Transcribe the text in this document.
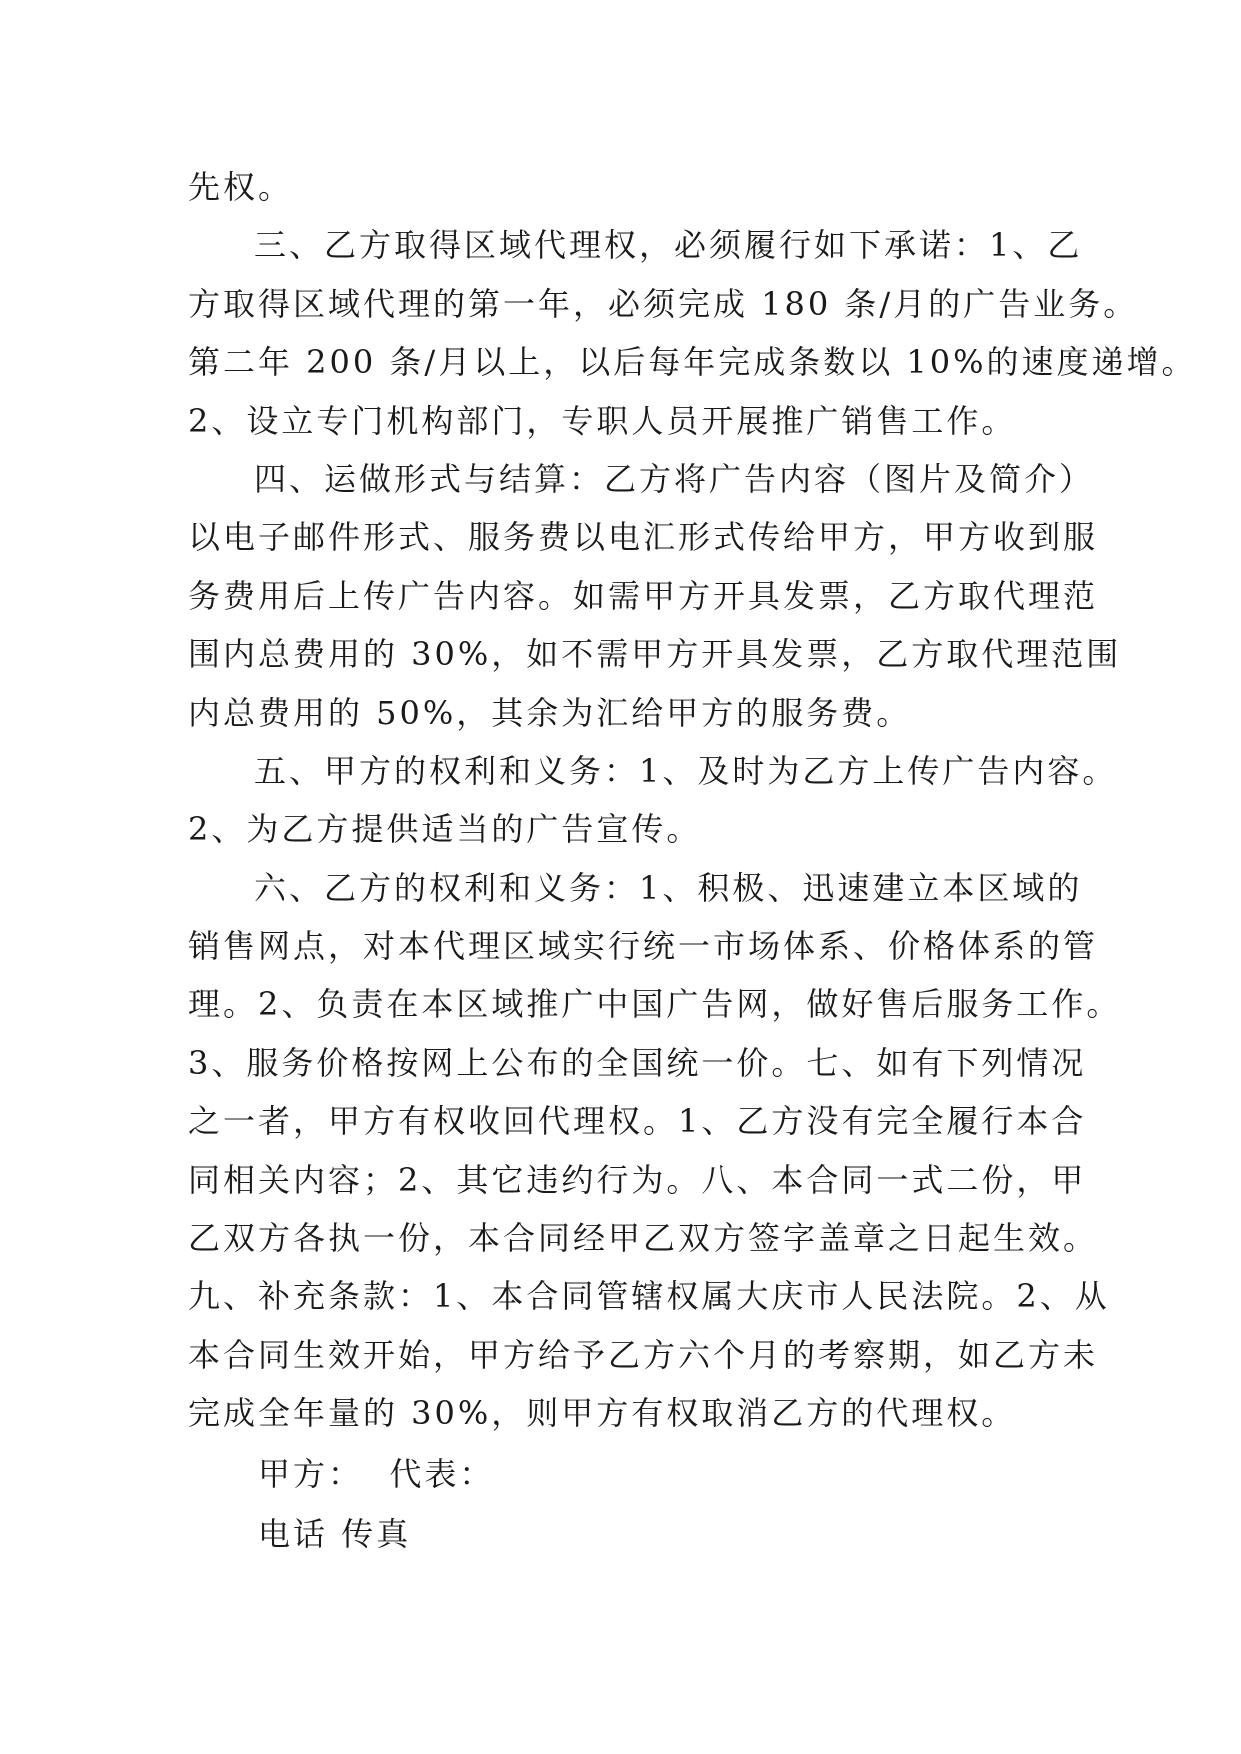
先权。
三、乙方取得区域代理权，必须履行如下承诺：1、乙
方取得区域代理的第一年，必须完成 180 条/月的广告业务。
第二年 200 条/月以上，以后每年完成条数以 10%的速度递增。
2、设立专门机构部门，专职人员开展推广销售工作。
四、运做形式与结算：乙方将广告内容（图片及简介）
以电子邮件形式、服务费以电汇形式传给甲方，甲方收到服
务费用后上传广告内容。如需甲方开具发票，乙方取代理范
围内总费用的 30%，如不需甲方开具发票，乙方取代理范围
内总费用的 50%，其余为汇给甲方的服务费。
五、甲方的权利和义务：1、及时为乙方上传广告内容。
2、为乙方提供适当的广告宣传。
六、乙方的权利和义务：1、积极、迅速建立本区域的
销售网点，对本代理区域实行统一市场体系、价格体系的管
理。2、负责在本区域推广中国广告网，做好售后服务工作。
3、服务价格按网上公布的全国统一价。七、如有下列情况
之一者，甲方有权收回代理权。1、乙方没有完全履行本合
同相关内容；2、其它违约行为。八、本合同一式二份，甲
乙双方各执一份，本合同经甲乙双方签字盖章之日起生效。
九、补充条款：1、本合同管辖权属大庆市人民法院。2、从
本合同生效开始，甲方给予乙方六个月的考察期，如乙方未
完成全年量的 30%，则甲方有权取消乙方的代理权。
甲方： 代表：
电话 传真
